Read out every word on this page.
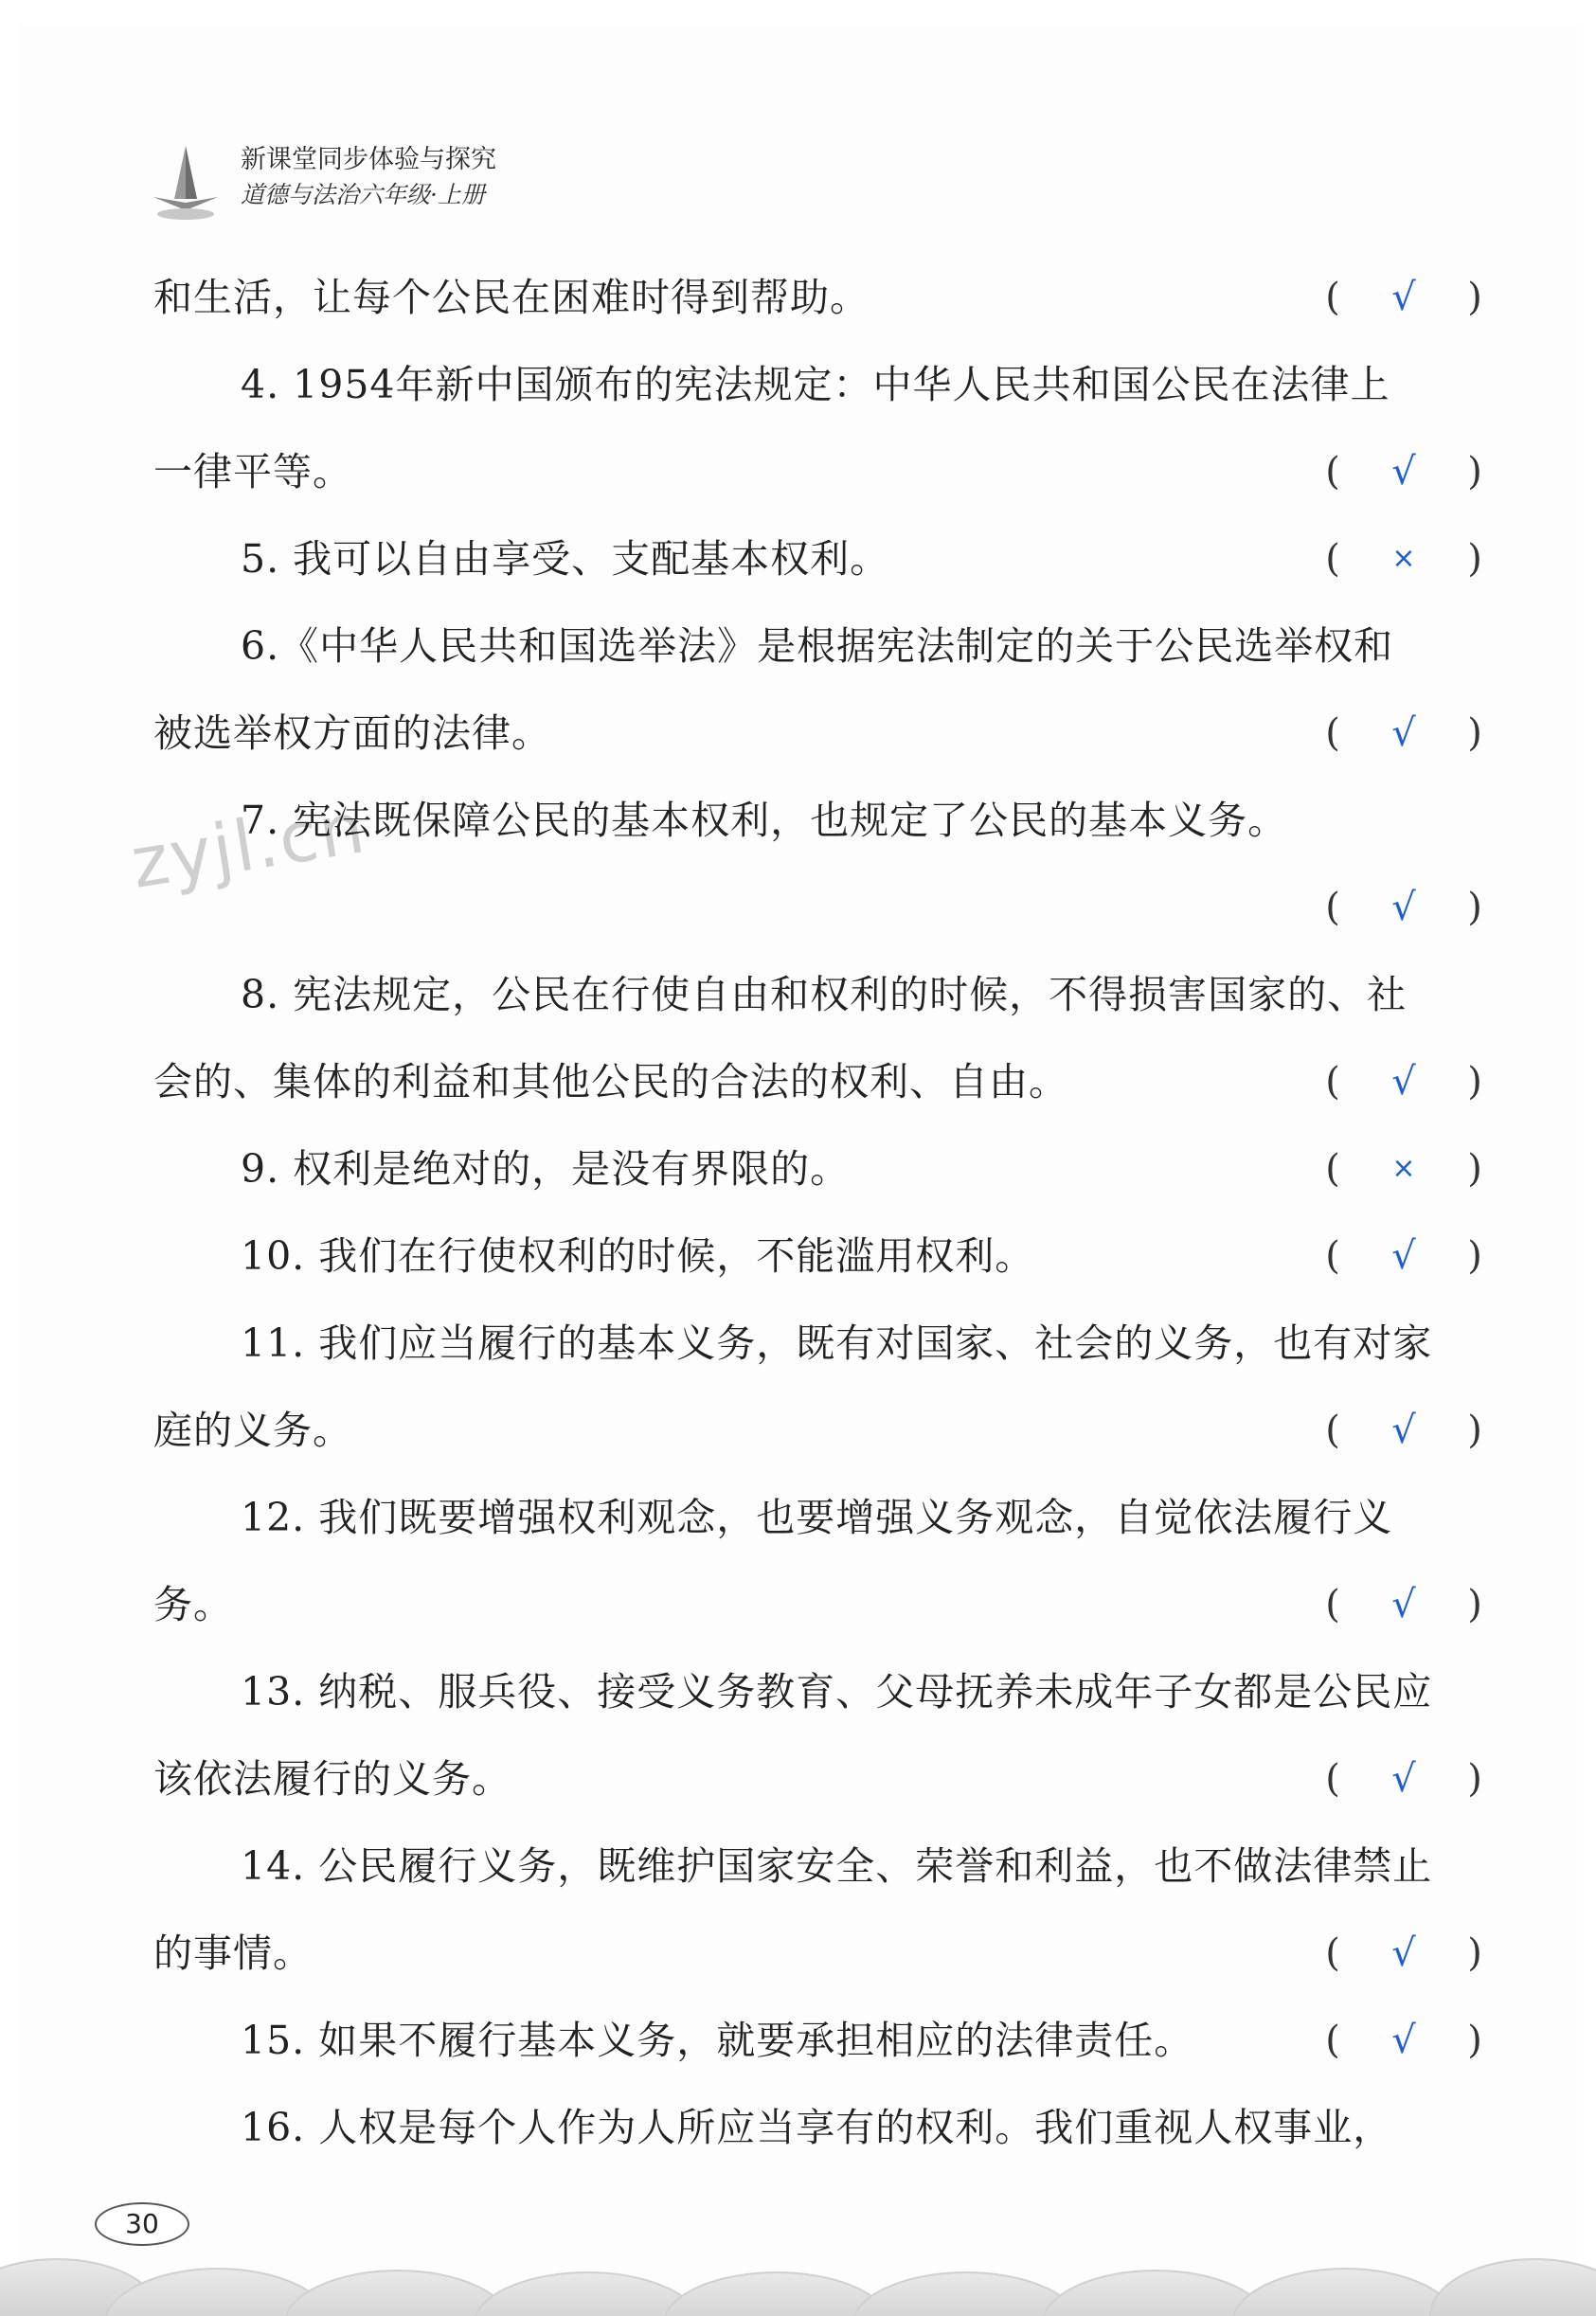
新课堂同步体验与探究
道德与法治六年级·上册
zyjl.cn
和生活，让每个公民在困难时得到帮助。	(	√	)
4. 1954年新中国颁布的宪法规定：中华人民共和国公民在法律上
一律平等。	(	√	)
5. 我可以自由享受、支配基本权利。	(	×	)
6.《中华人民共和国选举法》是根据宪法制定的关于公民选举权和
被选举权方面的法律。	(	√	)
7. 宪法既保障公民的基本权利，也规定了公民的基本义务。
(	√	)
8. 宪法规定，公民在行使自由和权利的时候，不得损害国家的、社
会的、集体的利益和其他公民的合法的权利、自由。	(	√	)
9. 权利是绝对的，是没有界限的。	(	×	)
10. 我们在行使权利的时候，不能滥用权利。	(	√	)
11. 我们应当履行的基本义务，既有对国家、社会的义务，也有对家
庭的义务。	(	√	)
12. 我们既要增强权利观念，也要增强义务观念，自觉依法履行义
务。	(	√	)
13. 纳税、服兵役、接受义务教育、父母抚养未成年子女都是公民应
该依法履行的义务。	(	√	)
14. 公民履行义务，既维护国家安全、荣誉和利益，也不做法律禁止
的事情。	(	√	)
15. 如果不履行基本义务，就要承担相应的法律责任。	(	√	)
16. 人权是每个人作为人所应当享有的权利。我们重视人权事业，
30
